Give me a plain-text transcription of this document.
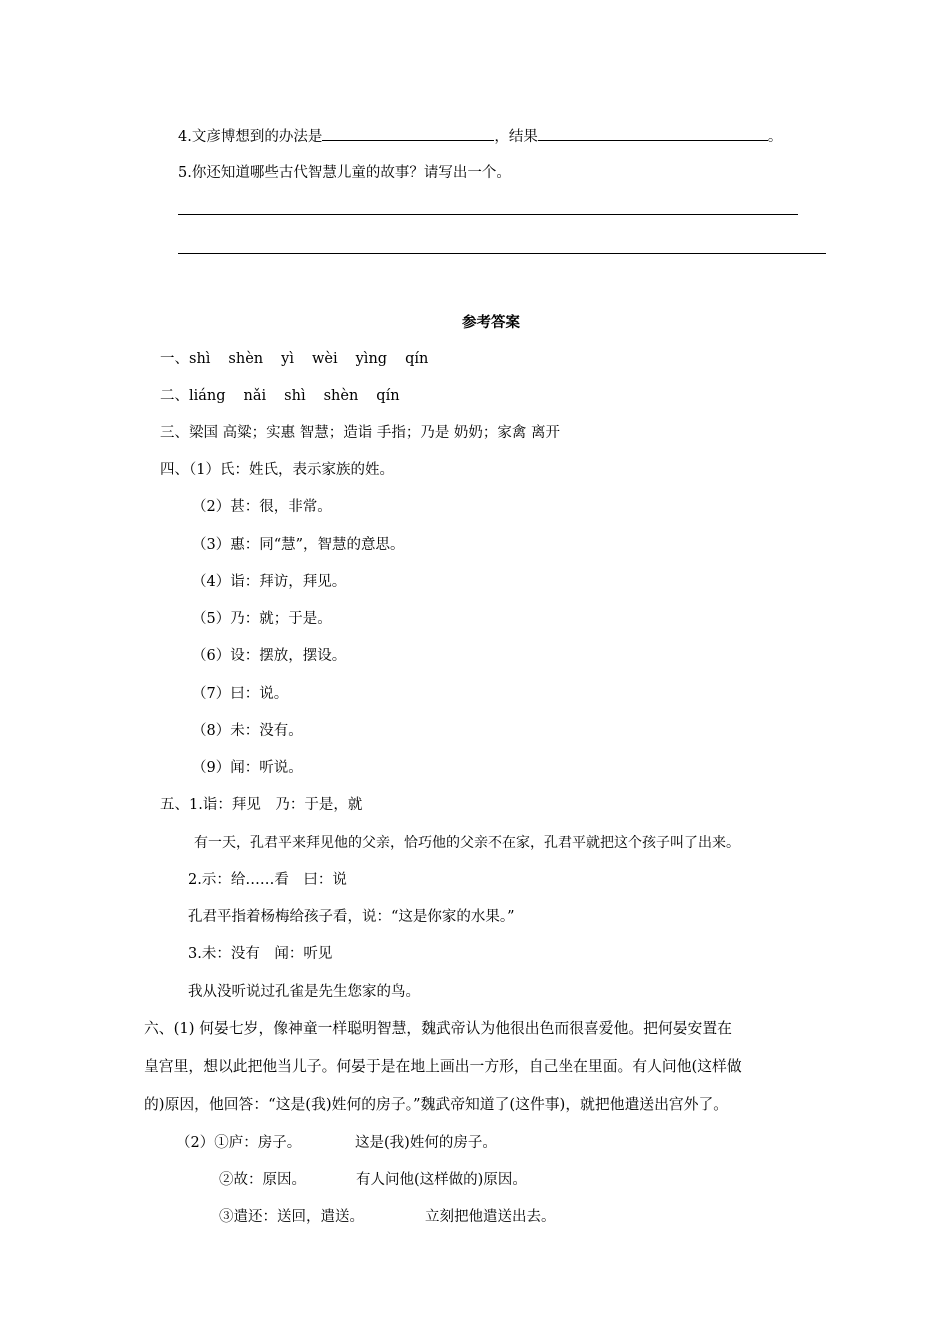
4.文彦博想到的办法是	，结果	。
5.你还知道哪些古代智慧儿童的故事？请写出一个。
参考答案
一、shì shèn yì wèi yìng qín
二、liáng nǎi shì shèn qín
三、梁国 高粱；实惠 智慧；造诣 手指；乃是 奶奶；家禽 离开
四、（1）氏：姓氏，表示家族的姓。
（2）甚：很，非常。
（3）惠：同“慧”，智慧的意思。
（4）诣：拜访，拜见。
（5）乃：就；于是。
（6）设：摆放，摆设。
（7）曰：说。
（8）未：没有。
（9）闻：听说。
五、1.诣：拜见　乃：于是，就
有一天，孔君平来拜见他的父亲，恰巧他的父亲不在家，孔君平就把这个孩子叫了出来。
2.示：给……看　曰：说
孔君平指着杨梅给孩子看，说：“这是你家的水果。”
3.未：没有　闻：听见
我从没听说过孔雀是先生您家的鸟。
六、(1) 何晏七岁，像神童一样聪明智慧，魏武帝认为他很出色而很喜爱他。把何晏安置在
皇宫里，想以此把他当儿子。何晏于是在地上画出一方形，自己坐在里面。有人问他(这样做
的)原因，他回答：“这是(我)姓何的房子。”魏武帝知道了(这件事)，就把他遣送出宫外了。
（2）①庐：房子。	这是(我)姓何的房子。
②故：原因。	有人问他(这样做的)原因。
③遣还：送回，遣送。	立刻把他遣送出去。
